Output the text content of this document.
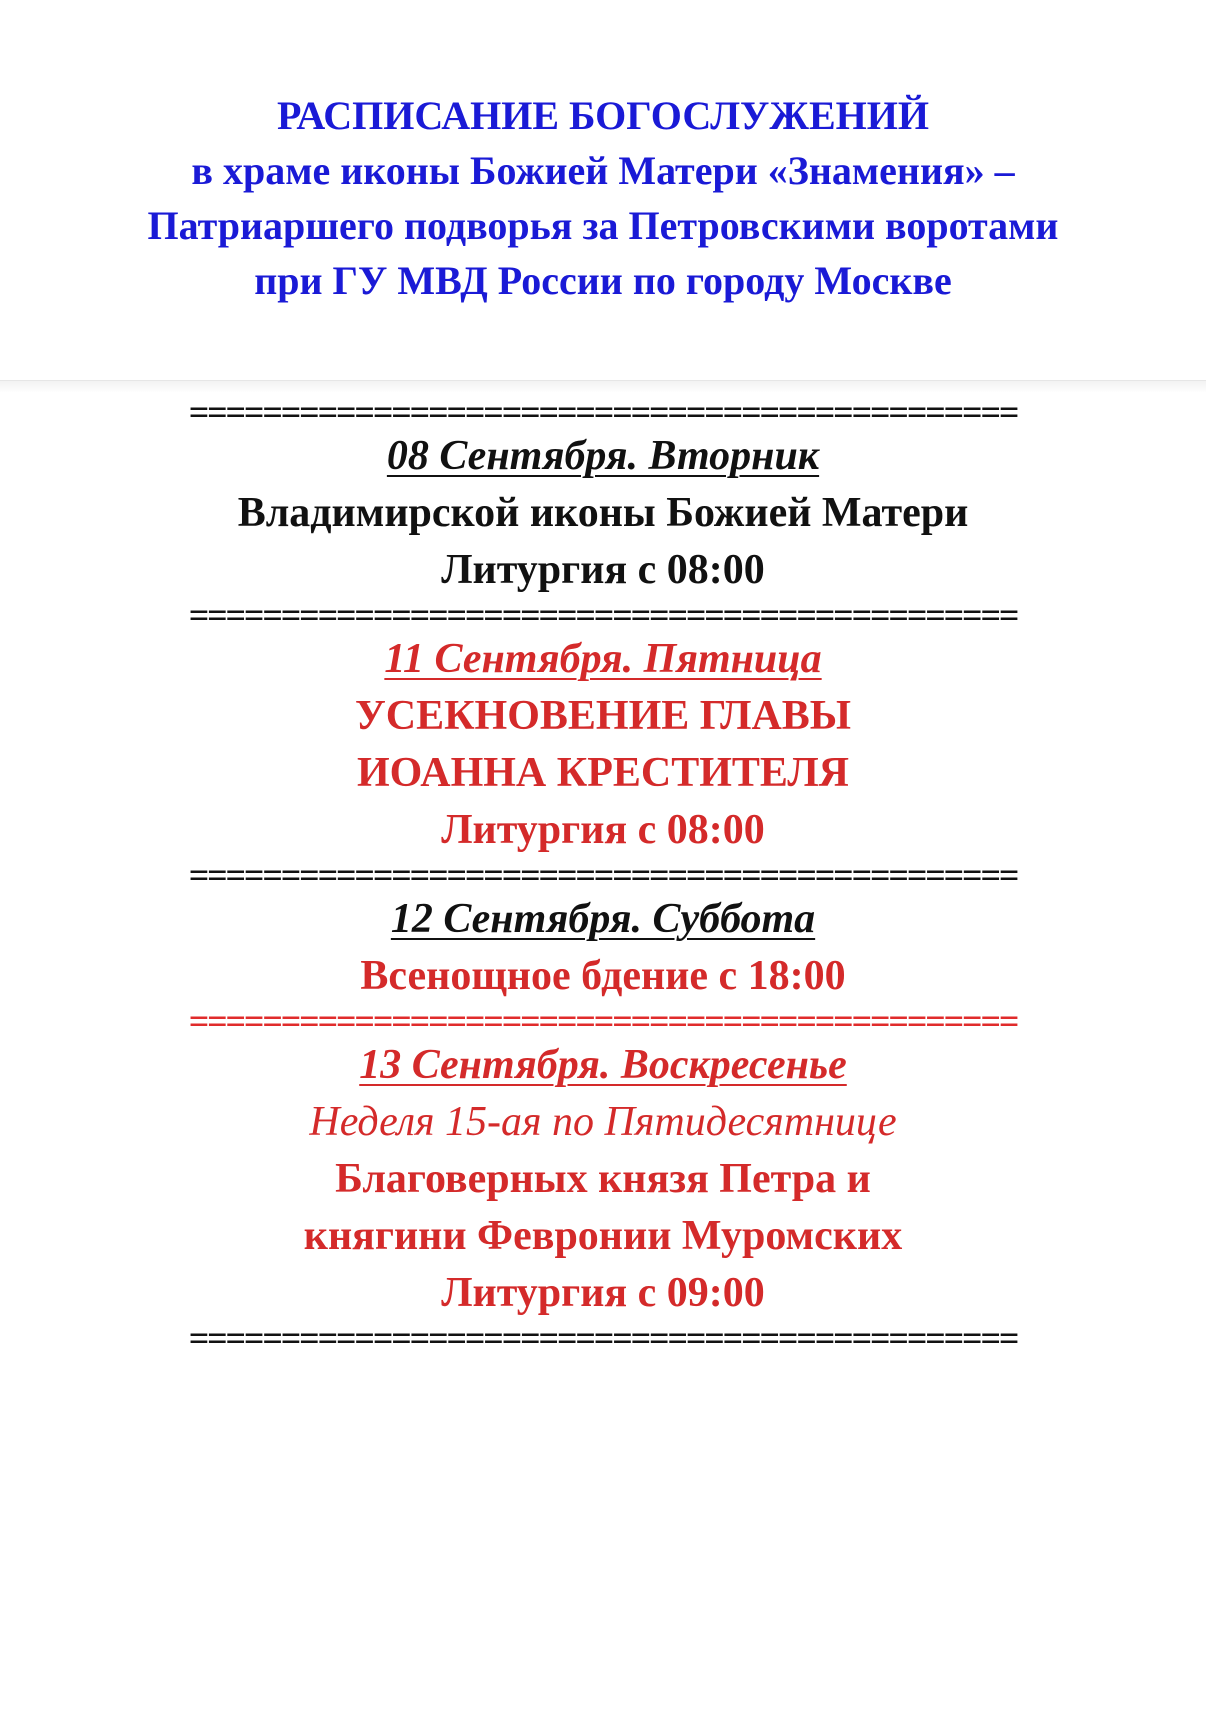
РАСПИСАНИЕ БОГОСЛУЖЕНИЙ
в храме иконы Божией Матери «Знамения» –
Патриаршего подворья за Петровскими воротами
при ГУ МВД России по городу Москве
=============================================
08 Сентября. Вторник
Владимирской иконы Божией Матери
Литургия с 08:00
=============================================
11 Сентября. Пятница
УСЕКНОВЕНИЕ ГЛАВЫ
ИОАННА КРЕСТИТЕЛЯ
Литургия с 08:00
=============================================
12 Сентября. Суббота
Всенощное бдение с 18:00
=============================================
13 Сентября. Воскресенье
Неделя 15-ая по Пятидесятнице
Благоверных князя Петра и
княгини Февронии Муромских
Литургия с 09:00
=============================================
